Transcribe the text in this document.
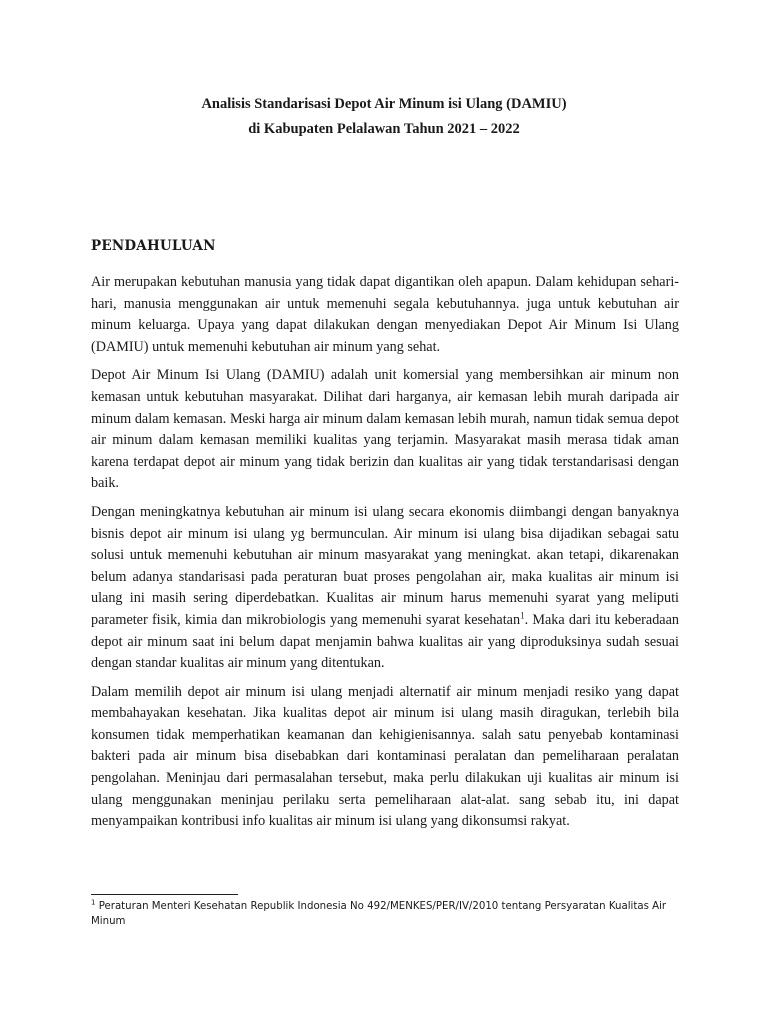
Analisis Standarisasi Depot Air Minum isi Ulang (DAMIU)
di Kabupaten Pelalawan Tahun 2021 – 2022
PENDAHULUAN

Air merupakan kebutuhan manusia yang tidak dapat digantikan oleh apapun. Dalam kehidupan sehari-hari, manusia menggunakan air untuk memenuhi segala kebutuhannya. juga untuk kebutuhan air minum keluarga. Upaya yang dapat dilakukan dengan menyediakan Depot Air Minum Isi Ulang (DAMIU) untuk memenuhi kebutuhan air minum yang sehat.

Depot Air Minum Isi Ulang (DAMIU) adalah unit komersial yang membersihkan air minum non kemasan untuk kebutuhan masyarakat. Dilihat dari harganya, air kemasan lebih murah daripada air minum dalam kemasan. Meski harga air minum dalam kemasan lebih murah, namun tidak semua depot air minum dalam kemasan memiliki kualitas yang terjamin. Masyarakat masih merasa tidak aman karena terdapat depot air minum yang tidak berizin dan kualitas air yang tidak terstandarisasi dengan baik.

Dengan meningkatnya kebutuhan air minum isi ulang secara ekonomis diimbangi dengan banyaknya bisnis depot air minum isi ulang yg bermunculan. Air minum isi ulang bisa dijadikan sebagai satu solusi untuk memenuhi kebutuhan air minum masyarakat yang meningkat. akan tetapi, dikarenakan belum adanya standarisasi pada peraturan buat proses pengolahan air, maka kualitas air minum isi ulang ini masih sering diperdebatkan. Kualitas air minum harus memenuhi syarat yang meliputi parameter fisik, kimia dan mikrobiologis yang memenuhi syarat kesehatan$^1$. Maka dari itu keberadaan depot air minum saat ini belum dapat menjamin bahwa kualitas air yang diproduksinya sudah sesuai dengan standar kualitas air minum yang ditentukan.

Dalam memilih depot air minum isi ulang menjadi alternatif air minum menjadi resiko yang dapat membahayakan kesehatan. Jika kualitas depot air minum isi ulang masih diragukan, terlebih bila konsumen tidak memperhatikan keamanan dan kehigienisannya. salah satu penyebab kontaminasi bakteri pada air minum bisa disebabkan dari kontaminasi peralatan dan pemeliharaan peralatan pengolahan. Meninjau dari permasalahan tersebut, maka perlu dilakukan uji kualitas air minum isi ulang menggunakan meninjau perilaku serta pemeliharaan alat-alat. sang sebab itu, ini dapat menyampaikan kontribusi info kualitas air minum isi ulang yang dikonsumsi rakyat.

$^1$ Peraturan Menteri Kesehatan Republik Indonesia No 492/MENKES/PER/IV/2010 tentang Persyaratan Kualitas Air Minum
